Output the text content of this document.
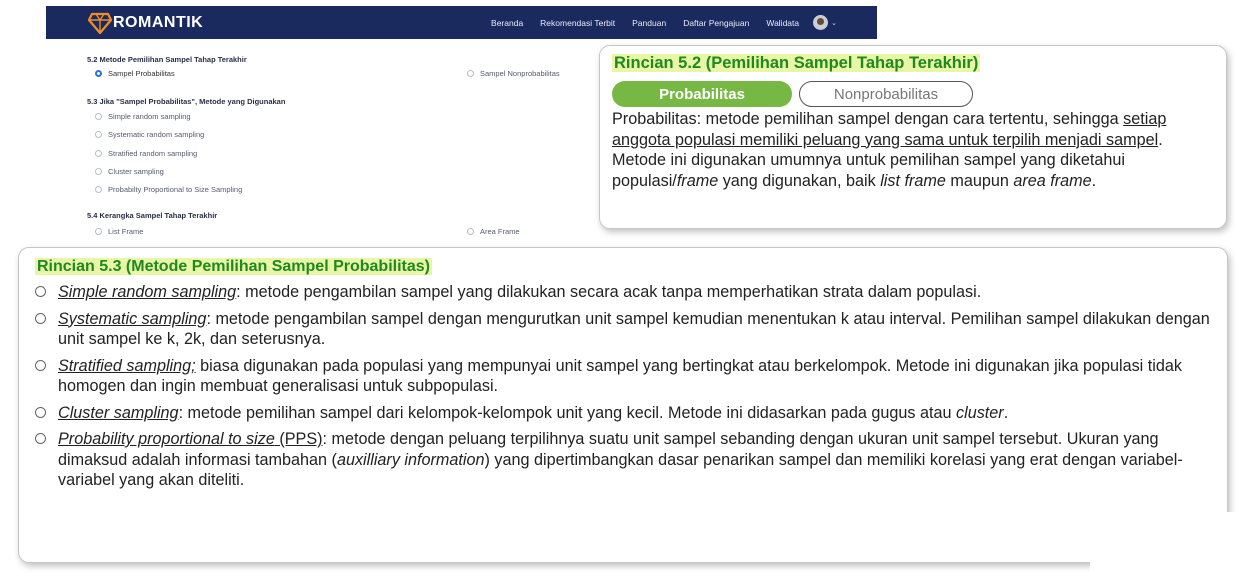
ROMANTIK	Beranda Rekomendasi Terbit Panduan Daftar Pengajuan Walidata	⌄
5.2 Metode Pemilihan Sampel Tahap Terakhir
Sampel Probabilitas	Sampel Nonprobabilitas
5.3 Jika "Sampel Probabilitas", Metode yang Digunakan
Simple random sampling
Systematic random sampling
Stratified random sampling
Cluster sampling
Probabilty Proportional to Size Sampling
5.4 Kerangka Sampel Tahap Terakhir
List Frame	Area Frame
Rincian 5.2 (Pemilihan Sampel Tahap Terakhir)
Probabilitas	Nonprobabilitas
Probabilitas: metode pemilihan sampel dengan cara tertentu, sehingga setiap anggota populasi memiliki peluang yang sama untuk terpilih menjadi sampel. Metode ini digunakan umumnya untuk pemilihan sampel yang diketahui populasi/frame yang digunakan, baik list frame maupun area frame.
Rincian 5.3 (Metode Pemilihan Sampel Probabilitas)
Simple random sampling: metode pengambilan sampel yang dilakukan secara acak tanpa memperhatikan strata dalam populasi.
Systematic sampling: metode pengambilan sampel dengan mengurutkan unit sampel kemudian menentukan k atau interval. Pemilihan sampel dilakukan dengan unit sampel ke k, 2k, dan seterusnya.
Stratified sampling; biasa digunakan pada populasi yang mempunyai unit sampel yang bertingkat atau berkelompok. Metode ini digunakan jika populasi tidak homogen dan ingin membuat generalisasi untuk subpopulasi.
Cluster sampling: metode pemilihan sampel dari kelompok-kelompok unit yang kecil. Metode ini didasarkan pada gugus atau cluster.
Probability proportional to size (PPS): metode dengan peluang terpilihnya suatu unit sampel sebanding dengan ukuran unit sampel tersebut. Ukuran yang dimaksud adalah informasi tambahan (auxilliary information) yang dipertimbangkan dasar penarikan sampel dan memiliki korelasi yang erat dengan variabel-variabel yang akan diteliti.
